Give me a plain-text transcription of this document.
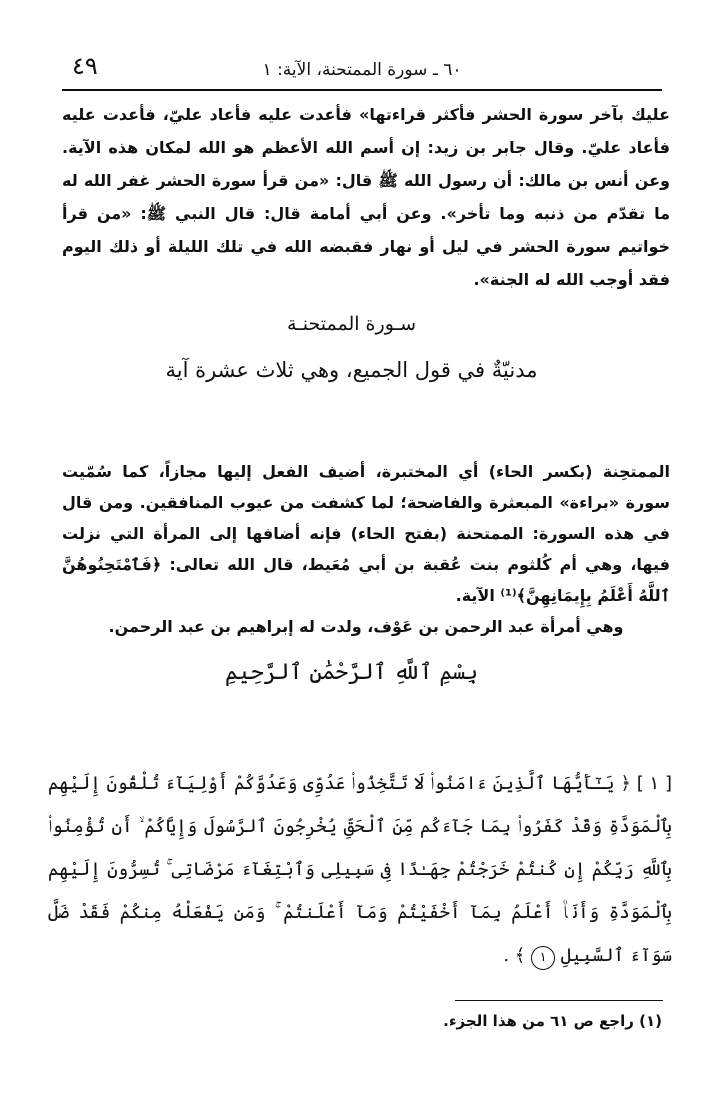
٤٩	٦٠ ـ سورة الممتحنة، الآية: ١

عليك بآخر سورة الحشر فأكثر قراءتها» فأعدت عليه فأعاد عليّ، فأعدت عليه فأعاد عليّ. وقال جابر بن زيد: إن أسم الله الأعظم هو الله لمكان هذه الآية. وعن أنس بن مالك: أن رسول الله ﷺ قال: «من قرأ سورة الحشر غفر الله له ما تقدّم من ذنبه وما تأخر». وعن أبي أمامة قال: قال النبي ﷺ: «من قرأ خواتيم سورة الحشر في ليل أو نهار فقبضه الله في تلك الليلة أو ذلك اليوم فقد أوجب الله له الجنة».

سـورة الممتحنـة
مدنيّةٌ في قول الجميع، وهي ثلاث عشرة آية

الممتحِنة (بكسر الحاء) أي المختبرة، أضيف الفعل إليها مجازاً، كما سُمّيت سورة «براءة» المبعثرة والفاضحة؛ لما كشفت من عيوب المنافقين. ومن قال في هذه السورة: الممتحنة (بفتح الحاء) فإنه أضافها إلى المرأة التي نزلت فيها، وهي أم كُلثوم بنت عُقبة بن أبي مُعَيط، قال الله تعالى: ﴿فَٱمْتَحِنُوهُنَّ ٱللَّهُ أَعْلَمُ بِإِيمَانِهِنَّ﴾⁽¹⁾ الآية.

وهي أمرأة عبد الرحمن بن عَوْف، ولدت له إبراهيم بن عبد الرحمن.

بِسْمِ ٱللَّهِ ٱلرَّحْمَٰنِ ٱلرَّحِيمِ
[ ١ ] ﴿ يَـٰٓأَيُّهَا ٱلَّذِينَ ءَامَنُوا۟ لَا تَتَّخِذُوا۟ عَدُوِّى وَعَدُوَّكُمْ أَوْلِيَآءَ تُلْقُونَ إِلَيْهِم بِٱلْمَوَدَّةِ وَقَدْ كَفَرُوا۟ بِمَا جَآءَكُم مِّنَ ٱلْحَقِّ يُخْرِجُونَ ٱلرَّسُولَ وَإِيَّاكُمْ ۙ أَن تُؤْمِنُوا۟ بِٱللَّهِ رَبِّكُمْ إِن كُنتُمْ خَرَجْتُمْ جِهَـٰدًا فِى سَبِيلِى وَٱبْتِغَآءَ مَرْضَاتِى ۚ تُسِرُّونَ إِلَيْهِم بِٱلْمَوَدَّةِ وَأَنَا۠ أَعْلَمُ بِمَآ أَخْفَيْتُمْ وَمَآ أَعْلَنتُمْ ۚ وَمَن يَفْعَلْهُ مِنكُمْ فَقَدْ ضَلَّ سَوَآءَ ٱلسَّبِيلِ ١ ﴾ .
(١) راجع ص ٦١ من هذا الجزء.
